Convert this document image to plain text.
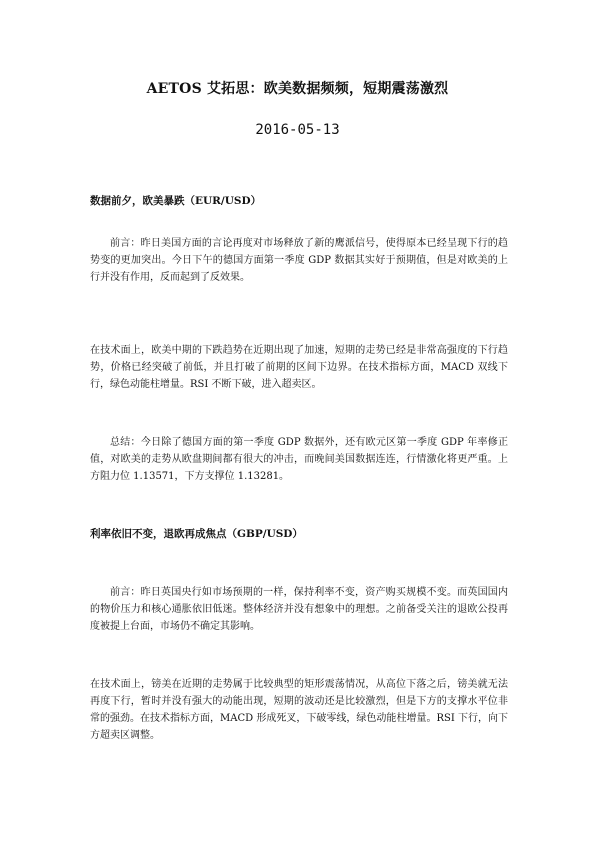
AETOS 艾拓思：欧美数据频频，短期震荡激烈
2016-05-13
数据前夕，欧美暴跌（EUR/USD）
前言：昨日美国方面的言论再度对市场释放了新的鹰派信号，使得原本已经呈现下行的趋势变的更加突出。今日下午的德国方面第一季度 GDP 数据其实好于预期值，但是对欧美的上行并没有作用，反而起到了反效果。
在技术面上，欧美中期的下跌趋势在近期出现了加速，短期的走势已经是非常高强度的下行趋势，价格已经突破了前低，并且打破了前期的区间下边界。在技术指标方面，MACD 双线下行，绿色动能柱增量。RSI 不断下破，进入超卖区。
总结：今日除了德国方面的第一季度 GDP 数据外，还有欧元区第一季度 GDP 年率修正值，对欧美的走势从欧盘期间都有很大的冲击，而晚间美国数据连连，行情激化将更严重。上方阻力位 1.13571，下方支撑位 1.13281。
利率依旧不变，退欧再成焦点（GBP/USD）
前言：昨日英国央行如市场预期的一样，保持利率不变，资产购买规模不变。而英国国内的物价压力和核心通胀依旧低迷。整体经济并没有想象中的理想。之前备受关注的退欧公投再度被提上台面，市场仍不确定其影响。
在技术面上，镑美在近期的走势属于比较典型的矩形震荡情况，从高位下落之后，镑美就无法再度下行，暂时并没有强大的动能出现，短期的波动还是比较激烈，但是下方的支撑水平位非常的强劲。在技术指标方面，MACD 形成死叉，下破零线，绿色动能柱增量。RSI 下行，向下方超卖区调整。
